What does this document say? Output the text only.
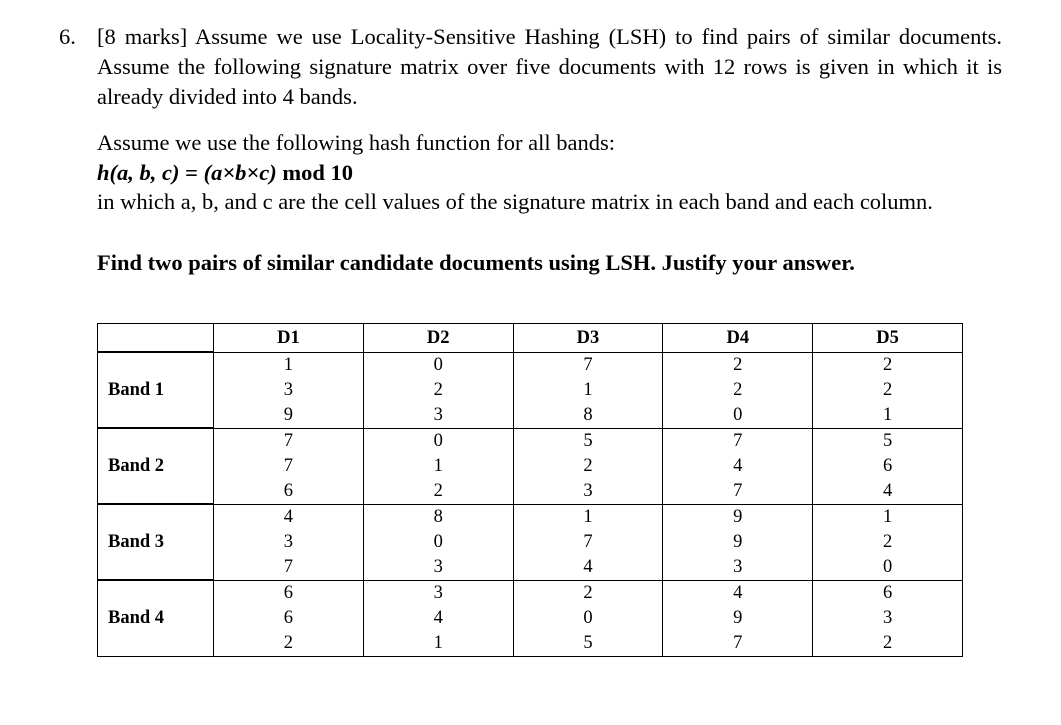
6. [8 marks] Assume we use Locality-Sensitive Hashing (LSH) to find pairs of similar documents. Assume the following signature matrix over five documents with 12 rows is given in which it is already divided into 4 bands.
Assume we use the following hash function for all bands:
h(a, b, c) = (a×b×c) mod 10
in which a, b, and c are the cell values of the signature matrix in each band and each column.
Find two pairs of similar candidate documents using LSH. Justify your answer.
	D1	D2	D3	D4	D5
Band 1	1	0	7	2	2
	3	2	1	2	2
	9	3	8	0	1
Band 2	7	0	5	7	5
	7	1	2	4	6
	6	2	3	7	4
Band 3	4	8	1	9	1
	3	0	7	9	2
	7	3	4	3	0
Band 4	6	3	2	4	6
	6	4	0	9	3
	2	1	5	7	2
